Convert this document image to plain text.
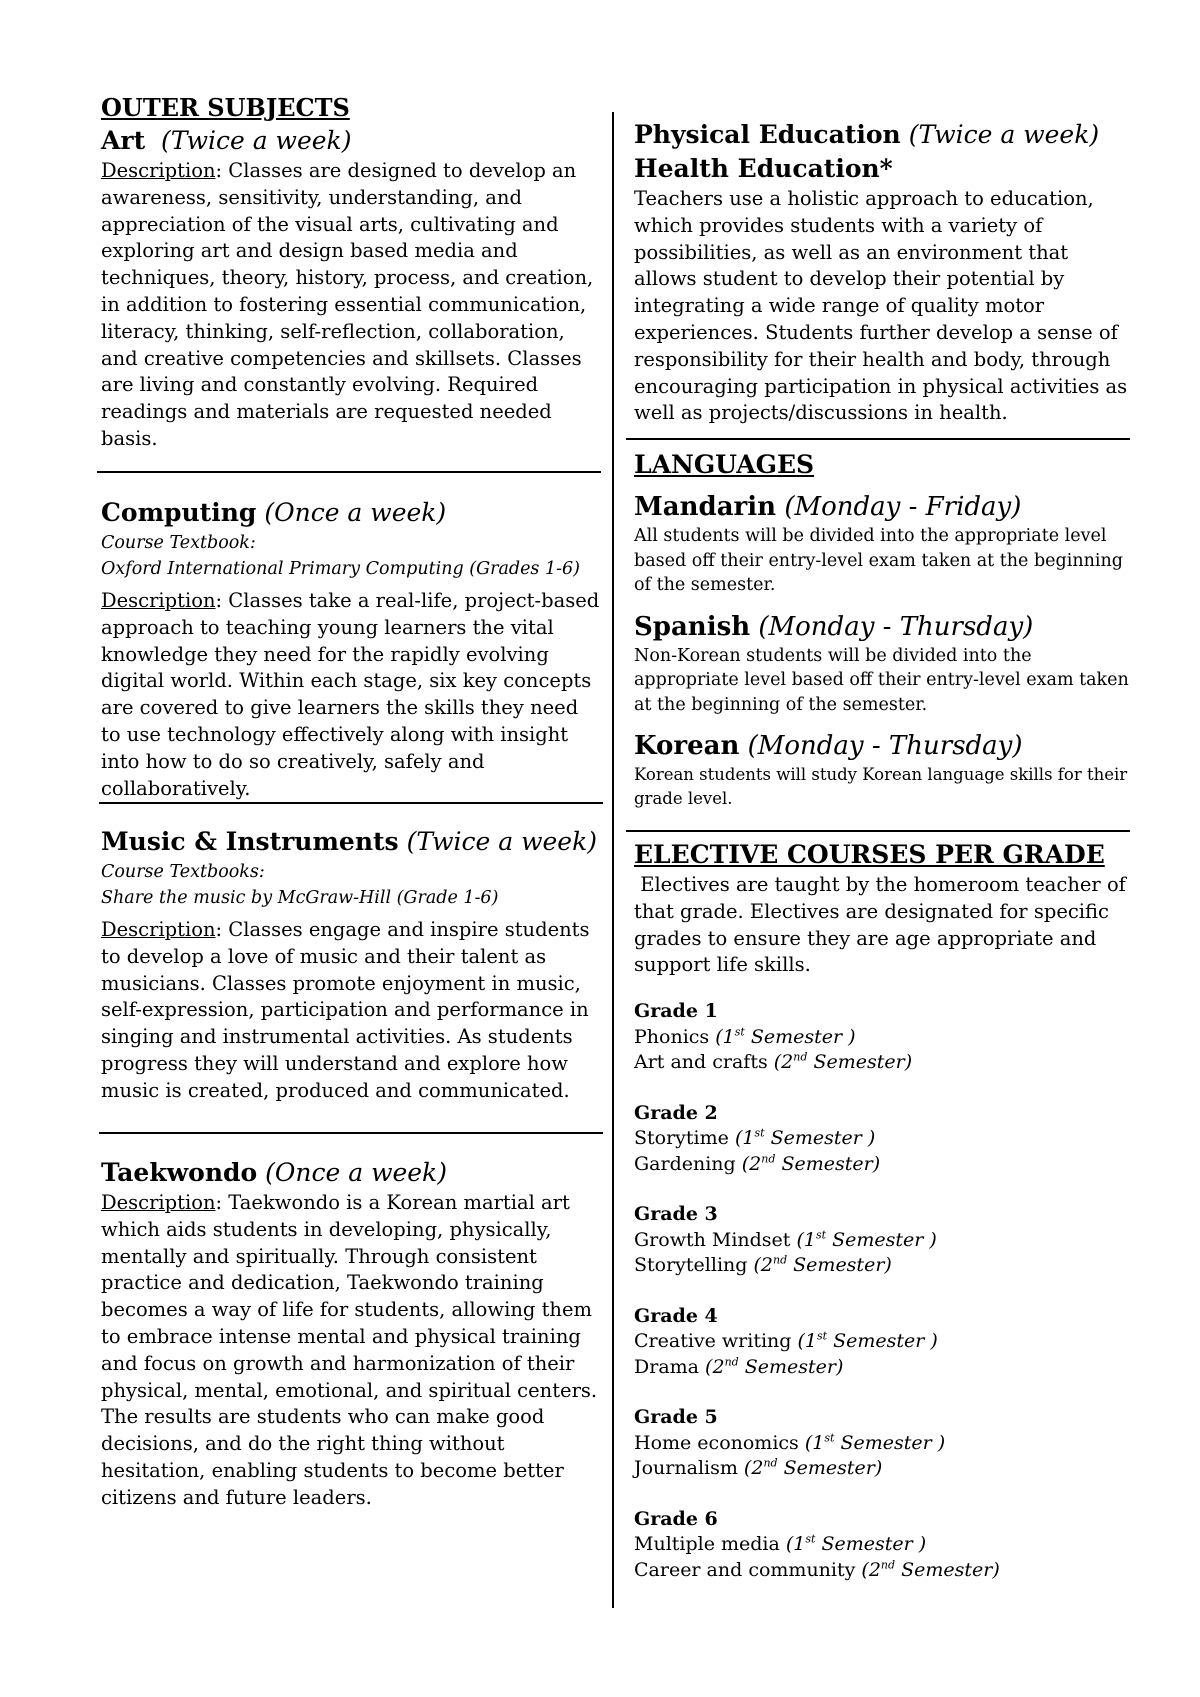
OUTER SUBJECTS
Art (Twice a week)
Description: Classes are designed to develop an awareness, sensitivity, understanding, and appreciation of the visual arts, cultivating and exploring art and design based media and techniques, theory, history, process, and creation, in addition to fostering essential communication, literacy, thinking, self-reflection, collaboration, and creative competencies and skillsets. Classes are living and constantly evolving. Required readings and materials are requested needed basis.
Computing (Once a week)
Course Textbook:
Oxford International Primary Computing (Grades 1-6)
Description: Classes take a real-life, project-based approach to teaching young learners the vital knowledge they need for the rapidly evolving digital world. Within each stage, six key concepts are covered to give learners the skills they need to use technology effectively along with insight into how to do so creatively, safely and collaboratively.
Music & Instruments (Twice a week)
Course Textbooks:
Share the music by McGraw-Hill (Grade 1-6)
Description: Classes engage and inspire students to develop a love of music and their talent as musicians. Classes promote enjoyment in music, self-expression, participation and performance in singing and instrumental activities. As students progress they will understand and explore how music is created, produced and communicated.
Taekwondo (Once a week)
Description: Taekwondo is a Korean martial art which aids students in developing, physically, mentally and spiritually. Through consistent practice and dedication, Taekwondo training becomes a way of life for students, allowing them to embrace intense mental and physical training and focus on growth and harmonization of their physical, mental, emotional, and spiritual centers. The results are students who can make good decisions, and do the right thing without hesitation, enabling students to become better citizens and future leaders.
Physical Education (Twice a week)
Health Education*
Teachers use a holistic approach to education, which provides students with a variety of possibilities, as well as an environment that allows student to develop their potential by integrating a wide range of quality motor experiences. Students further develop a sense of responsibility for their health and body, through encouraging participation in physical activities as well as projects/discussions in health.
LANGUAGES
Mandarin (Monday - Friday)
All students will be divided into the appropriate level based off their entry-level exam taken at the beginning of the semester.
Spanish (Monday - Thursday)
Non-Korean students will be divided into the appropriate level based off their entry-level exam taken at the beginning of the semester.
Korean (Monday - Thursday)
Korean students will study Korean language skills for their grade level.
ELECTIVE COURSES PER GRADE
Electives are taught by the homeroom teacher of that grade. Electives are designated for specific grades to ensure they are age appropriate and support life skills.
Grade 1
Phonics (1st Semester )
Art and crafts (2nd Semester)
Grade 2
Storytime (1st Semester )
Gardening (2nd Semester)
Grade 3
Growth Mindset (1st Semester )
Storytelling (2nd Semester)
Grade 4
Creative writing (1st Semester )
Drama (2nd Semester)
Grade 5
Home economics (1st Semester )
Journalism (2nd Semester)
Grade 6
Multiple media (1st Semester )
Career and community (2nd Semester)
